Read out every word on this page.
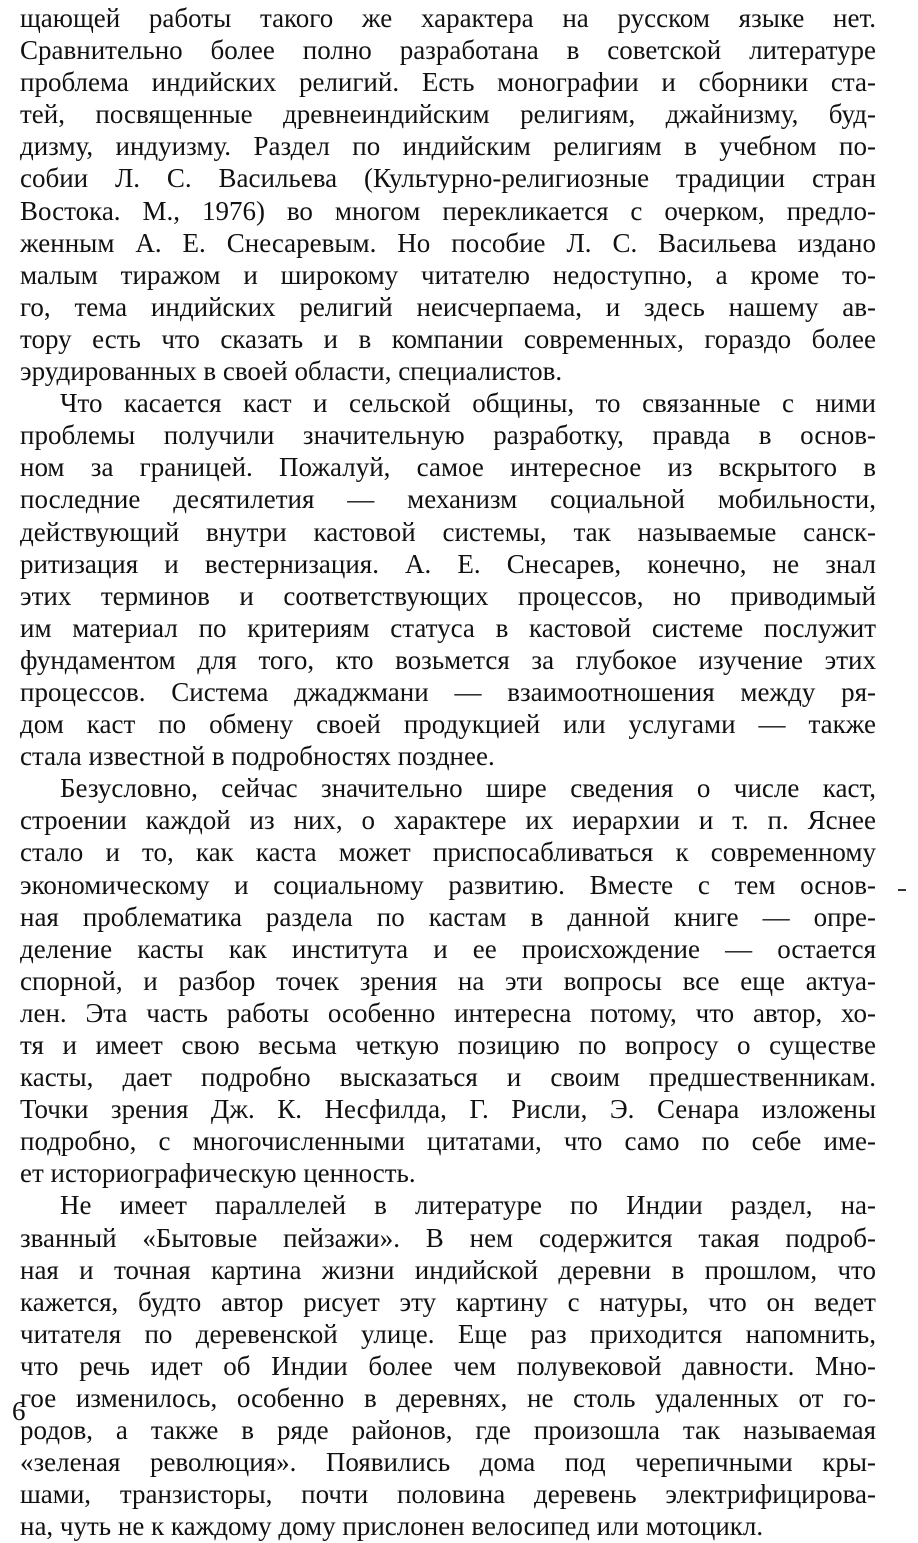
щающей работы такого же характера на русском языке нет.
Сравнительно более полно разработана в советской литературе
проблема индийских религий. Есть монографии и сборники ста-
тей, посвященные древнеиндийским религиям, джайнизму, буд-
дизму, индуизму. Раздел по индийским религиям в учебном по-
собии Л. С. Васильева (Культурно-религиозные традиции стран
Востока. М., 1976) во многом перекликается с очерком, предло-
женным А. Е. Снесаревым. Но пособие Л. С. Васильева издано
малым тиражом и широкому читателю недоступно, а кроме то-
го, тема индийских религий неисчерпаема, и здесь нашему ав-
тору есть что сказать и в компании современных, гораздо более
эрудированных в своей области, специалистов.
Что касается каст и сельской общины, то связанные с ними
проблемы получили значительную разработку, правда в основ-
ном за границей. Пожалуй, самое интересное из вскрытого в
последние десятилетия — механизм социальной мобильности,
действующий внутри кастовой системы, так называемые санск-
ритизация и вестернизация. А. Е. Снесарев, конечно, не знал
этих терминов и соответствующих процессов, но приводимый
им материал по критериям статуса в кастовой системе послужит
фундаментом для того, кто возьмется за глубокое изучение этих
процессов. Система джаджмани — взаимоотношения между ря-
дом каст по обмену своей продукцией или услугами — также
стала известной в подробностях позднее.
Безусловно, сейчас значительно шире сведения о числе каст,
строении каждой из них, о характере их иерархии и т. п. Яснее
стало и то, как каста может приспосабливаться к современному
экономическому и социальному развитию. Вместе с тем основ-
ная проблематика раздела по кастам в данной книге — опре-
деление касты как института и ее происхождение — остается
спорной, и разбор точек зрения на эти вопросы все еще актуа-
лен. Эта часть работы особенно интересна потому, что автор, хо-
тя и имеет свою весьма четкую позицию по вопросу о существе
касты, дает подробно высказаться и своим предшественникам.
Точки зрения Дж. К. Несфилда, Г. Рисли, Э. Сенара изложены
подробно, с многочисленными цитатами, что само по себе име-
ет историографическую ценность.
Не имеет параллелей в литературе по Индии раздел, на-
званный «Бытовые пейзажи». В нем содержится такая подроб-
ная и точная картина жизни индийской деревни в прошлом, что
кажется, будто автор рисует эту картину с натуры, что он ведет
читателя по деревенской улице. Еще раз приходится напомнить,
что речь идет об Индии более чем полувековой давности. Мно-
гое изменилось, особенно в деревнях, не столь удаленных от го-
родов, а также в ряде районов, где произошла так называемая
«зеленая революция». Появились дома под черепичными кры-
шами, транзисторы, почти половина деревень электрифицирова-
на, чуть не к каждому дому прислонен велосипед или мотоцикл.
6
